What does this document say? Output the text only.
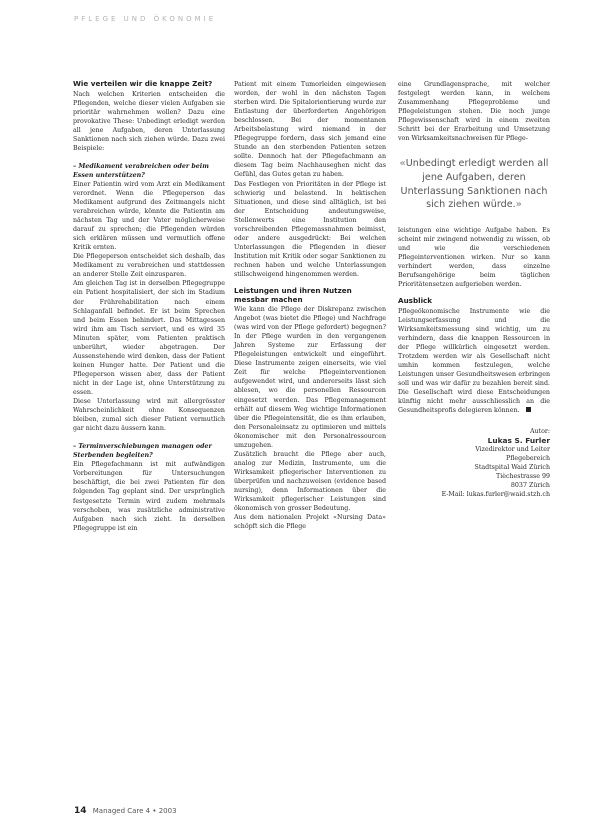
PFLEGE UND ÖKONOMIE
Wie verteilen wir die knappe Zeit?

Nach welchen Kriterien entscheiden die Pflegenden, welche dieser vielen Aufgaben sie prioritär wahrnehmen wollen? Dazu eine provokative These: Unbedingt erledigt werden all jene Aufgaben, deren Unterlassung Sanktionen nach sich ziehen würde. Dazu zwei Beispiele:

– Medikament verabreichen oder beim Essen unterstützen?

Einer Patientin wird vom Arzt ein Medikament verordnet. Wenn die Pflegeperson das Medikament aufgrund des Zeitmangels nicht verabreichen würde, könnte die Patientin am nächsten Tag und der Vater möglicherweise darauf zu sprechen; die Pflegenden würden sich erklären müssen und vermutlich offene Kritik ernten.

Die Pflegeperson entscheidet sich deshalb, das Medikament zu verabreichen und stattdessen an anderer Stelle Zeit einzusparen.

Am gleichen Tag ist in derselben Pflegegruppe ein Patient hospitalisiert, der sich im Stadium der Frührehabilitation nach einem Schlaganfall befindet. Er ist beim Sprechen und beim Essen behindert. Das Mittagessen wird ihm am Tisch serviert, und es wird 35 Minuten später, vom Patienten praktisch unberührt, wieder abgetragen. Der Aussenstehende wird denken, dass der Patient keinen Hunger hatte. Der Patient und die Pflegeperson wissen aber, dass der Patient nicht in der Lage ist, ohne Unterstützung zu essen.

Diese Unterlassung wird mit allergrösster Wahrscheinlichkeit ohne Konsequenzen bleiben, zumal sich dieser Patient vermutlich gar nicht dazu äussern kann.

– Terminverschiebungen managen oder Sterbenden begleiten?

Ein Pflegefachmann ist mit aufwändigen Vorbereitungen für Untersuchungen beschäftigt, die bei zwei Patienten für den folgenden Tag geplant sind. Der ursprünglich festgesetzte Termin wird zudem mehrmals verschoben, was zusätzliche administrative Aufgaben nach sich zieht. In derselben Pflegegruppe ist ein

Patient mit einem Tumorleiden eingewiesen worden, der wohl in den nächsten Tagen sterben wird. Die Spitalorientierung wurde zur Entlastung der überforderten Angehörigen beschlossen. Bei der momentanen Arbeitsbelastung wird niemand in der Pflegegruppe fordern, dass sich jemand eine Stunde an den sterbenden Patienten setzen sollte. Dennoch hat der Pflegefachmann an diesem Tag beim Nachhauseghen nicht das Gefühl, das Gutes getan zu haben.

Das Festlegen von Prioritäten in der Pflege ist schwierig und belastend. In hektischen Situationen, und diese sind alltäglich, ist bei der Entscheidung andeutungsweise, Stellenwerts eine Institution den vorschreibenden Pflegemassnahmen beimisst, oder andere ausgedrückt: Bei welchen Unterlassungen die Pflegenden in dieser Institution mit Kritik oder sogar Sanktionen zu rechnen haben und welche Unterlassungen stillschweigend hingenommen werden.

Leistungen und ihren Nutzen messbar machen

Wie kann die Pflege der Diskrepanz zwischen Angebot (was bietet die Pflege) und Nachfrage (was wird von der Pflege gefordert) begegnen? In der Pflege wurden in den vergangenen Jahren Systeme zur Erfassung der Pflegeleistungen entwickelt und eingeführt. Diese Instrumente zeigen einerseits, wie viel Zeit für welche Pflegeinterventionen aufgewendet wird, und andererseits lässt sich ablesen, wo die personellen Ressourcen eingesetzt werden. Das Pflegemanagement erhält auf diesem Weg wichtige Informationen über die Pflegeintensität, die es ihm erlauben, den Personaleinsatz zu optimieren und mittels ökonomischer mit den Personalressourcen umzugehen.

Zusätzlich braucht die Pflege aber auch, analog zur Medizin, Instrumente, um die Wirksamkeit pflegerischer Interventionen zu überprüfen und nachzuweisen (evidence based nursing), denn Informationen über die Wirksamkeit pflegerischer Leistungen sind ökonomisch von grosser Bedeutung.

Aus dem nationalen Projekt «Nursing Data» schöpft sich die Pflege

eine Grundlagensprache, mit welcher festgelegt werden kann, in welchem Zusammenhang Pflegeprobleme und Pflegeleistungen stehen. Die noch junge Pflegewissenschaft wird in einem zweiten Schritt bei der Erarbeitung und Umsetzung von Wirksamkeitsnachweisen für Pflege-

«Unbedingt erledigt werden all jene Aufgaben, deren Unterlassung Sanktionen nach sich ziehen würde.»

leistungen eine wichtige Aufgabe haben. Es scheint mir zwingend notwendig zu wissen, ob und wie die verschiedenen Pflegeinterventionen wirken. Nur so kann verhindert werden, dass einzelne Berufsangehörige beim täglichen Prioritätensetzen aufgerieben werden.

Ausblick

Pflegeökonomische Instrumente wie die Leistungserfassung und die Wirksamkeitsmessung sind wichtig, um zu verhindern, dass die knappen Ressourcen in der Pflege willkürlich eingesetzt werden. Trotzdem werden wir als Gesellschaft nicht umhin kommen festzulegen, welche Leistungen unser Gesundheitswesen erbringen soll und was wir dafür zu bezahlen bereit sind. Die Gesellschaft wird diese Entscheidungen künftig nicht mehr ausschliesslich an die Gesundheitsprofis delegieren können.

Autor:
Lukas S. Furler
Vizedirektor und Leiter
Pflegebereich
Stadtspital Waid Zürich
Tièchestrasse 99
8037 Zürich
E-Mail: lukas.furler@waid.stzh.ch
14 Managed Care 4 • 2003
